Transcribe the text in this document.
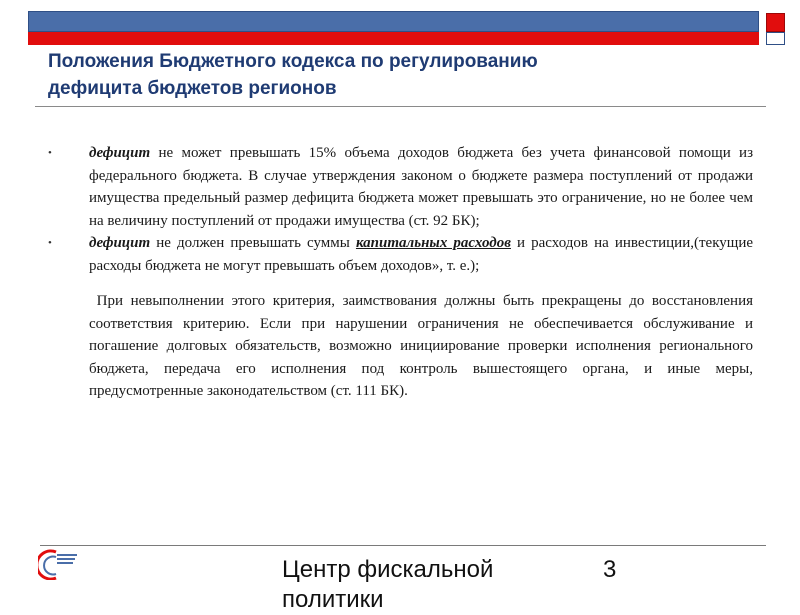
Положения Бюджетного кодекса по регулированию
дефицита бюджетов регионов

• дефицит не может превышать 15% объема доходов бюджета без учета финансовой помощи из федерального бюджета. В случае утверждения законом о бюджете размера поступлений от продажи имущества предельный размер дефицита бюджета может превышать это ограничение, но не более чем на величину поступлений от продажи имущества (ст. 92 БК);

• дефицит не должен превышать суммы капитальных расходов и расходов на инвестиции,(текущие расходы бюджета не могут превышать объем доходов», т. е.);

При невыполнении этого критерия, заимствования должны быть прекращены до восстановления соответствия критерию. Если при нарушении ограничения не обеспечивается обслуживание и погашение долговых обязательств, возможно инициирование проверки исполнения регионального бюджета, передача его исполнения под контроль вышестоящего органа, и иные меры, предусмотренные законодательством (ст. 111 БК).

Центр фискальной политики
3
